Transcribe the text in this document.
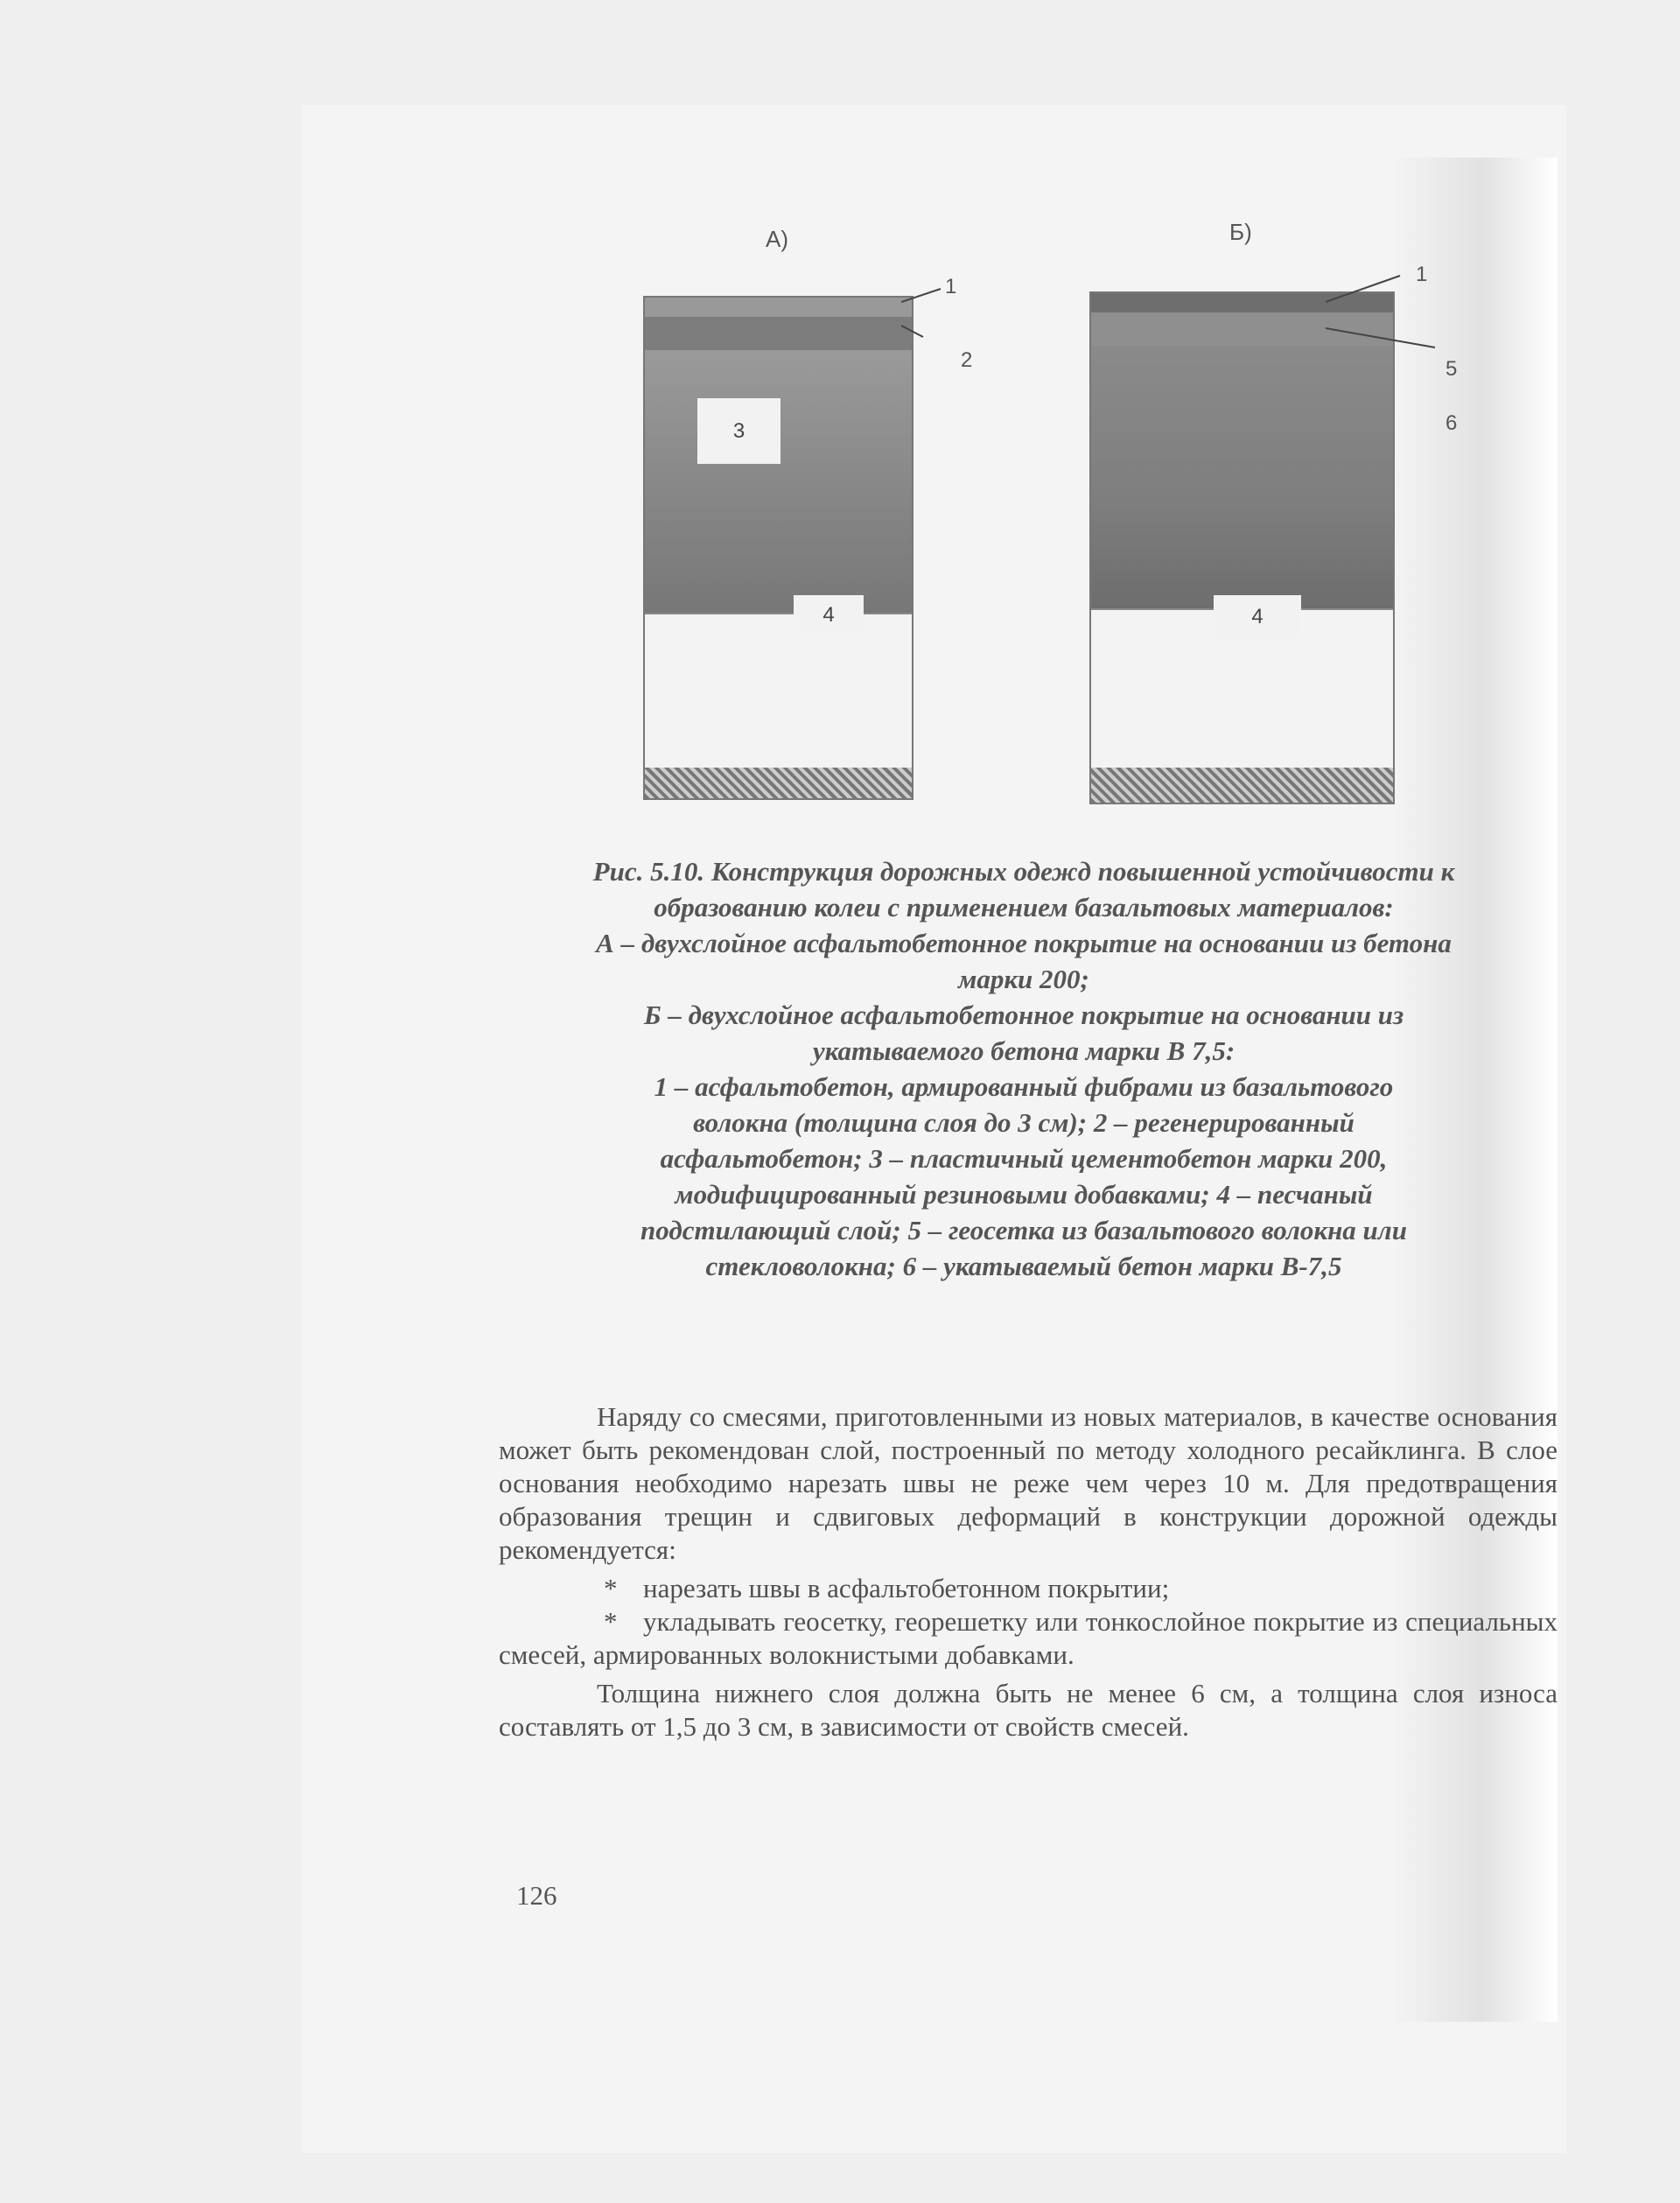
А)
3
4
1
2
Б)
4
1
5
6
Рис. 5.10. Конструкция дорожных одежд повышенной устойчивости к
образованию колеи с применением базальтовых материалов:
А – двухслойное асфальтобетонное покрытие на основании из бетона
марки 200;
Б – двухслойное асфальтобетонное покрытие на основании из
укатываемого бетона марки В 7,5:
1 – асфальтобетон, армированный фибрами из базальтового
волокна (толщина слоя до 3 см); 2 – регенерированный
асфальтобетон; 3 – пластичный цементобетон марки 200,
модифицированный резиновыми добавками; 4 – песчаный
подстилающий слой; 5 – геосетка из базальтового волокна или
стекловолокна; 6 – укатываемый бетон марки В-7,5

Наряду со смесями, приготовленными из новых материалов, в качестве основания может быть рекомендован слой, построенный по методу холодного ресайклинга. В слое основания необходимо нарезать швы не реже чем через 10 м. Для предотвращения образования трещин и сдвиговых деформаций в конструкции дорожной одежды рекомендуется:

* нарезать швы в асфальтобетонном покрытии;
* укладывать геосетку, георешетку или тонкослойное покрытие из специальных смесей, армированных волокнистыми добавками.

Толщина нижнего слоя должна быть не менее 6 см, а толщина слоя износа составлять от 1,5 до 3 см, в зависимости от свойств смесей.

126
